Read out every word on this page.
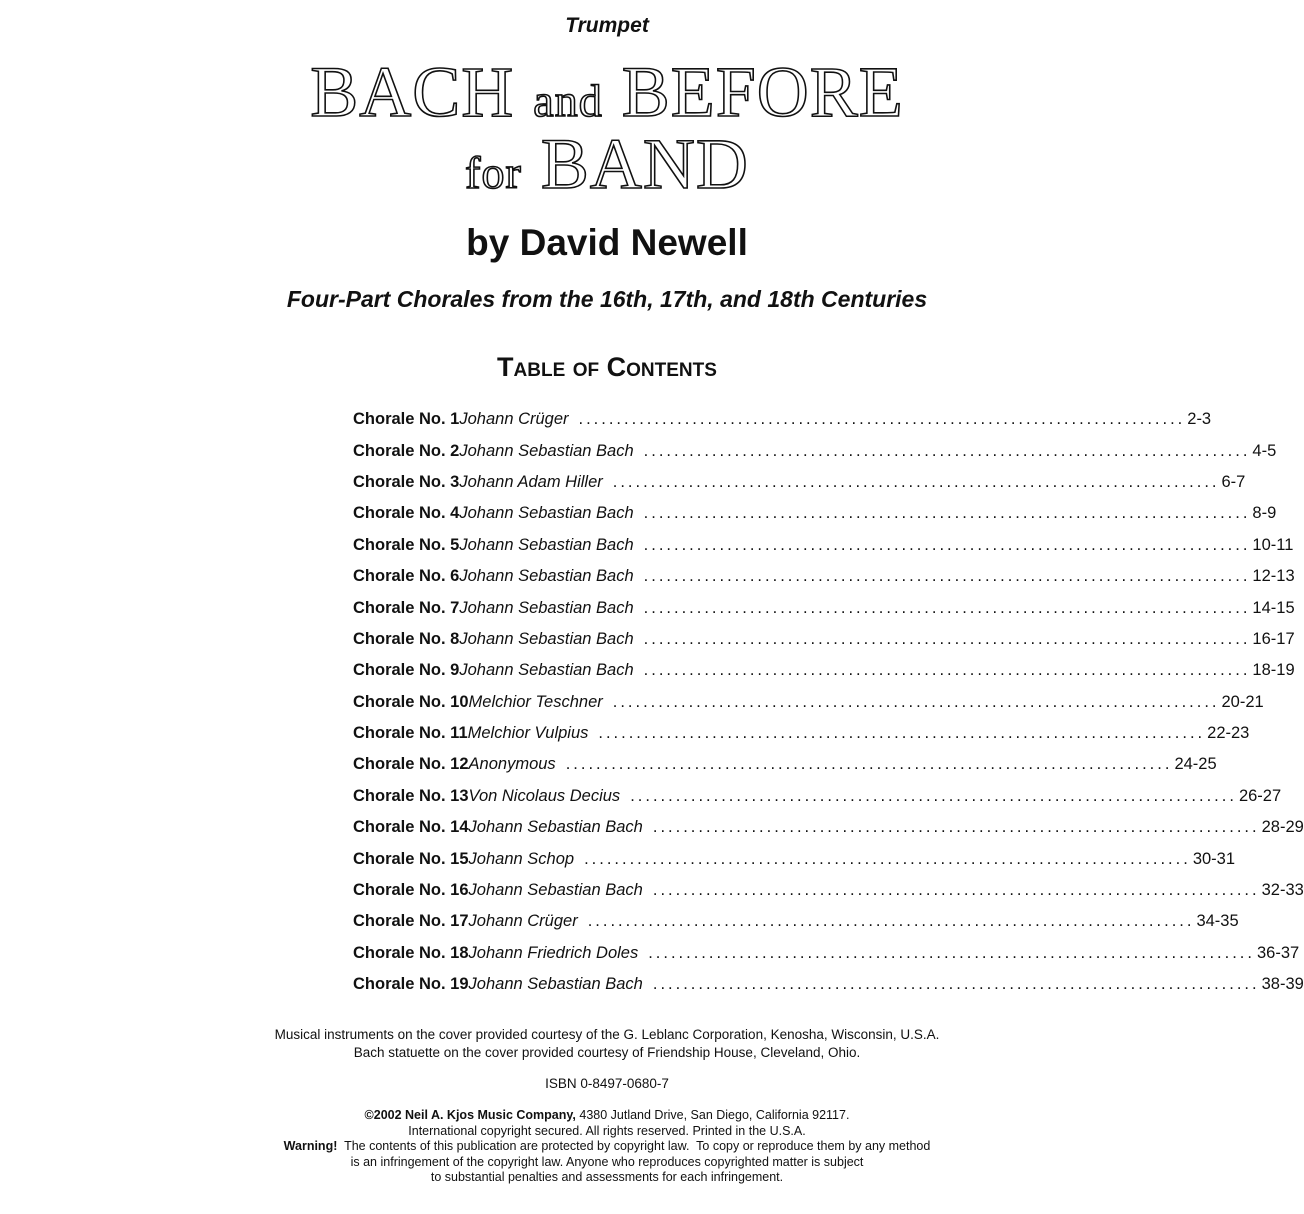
Trumpet
BACH and BEFORE
for BAND
by David Newell
Four-Part Chorales from the 16th, 17th, and 18th Centuries
Table of Contents
Chorale No. 1 Johann Crüger ................................................................................ 2-3
Chorale No. 2 Johann Sebastian Bach ................................................................................ 4-5
Chorale No. 3 Johann Adam Hiller ................................................................................ 6-7
Chorale No. 4 Johann Sebastian Bach ................................................................................ 8-9
Chorale No. 5 Johann Sebastian Bach ................................................................................ 10-11
Chorale No. 6 Johann Sebastian Bach ................................................................................ 12-13
Chorale No. 7 Johann Sebastian Bach ................................................................................ 14-15
Chorale No. 8 Johann Sebastian Bach ................................................................................ 16-17
Chorale No. 9 Johann Sebastian Bach ................................................................................ 18-19
Chorale No. 10 Melchior Teschner ................................................................................ 20-21
Chorale No. 11 Melchior Vulpius ................................................................................ 22-23
Chorale No. 12 Anonymous ................................................................................ 24-25
Chorale No. 13 Von Nicolaus Decius ................................................................................ 26-27
Chorale No. 14 Johann Sebastian Bach ................................................................................ 28-29
Chorale No. 15 Johann Schop ................................................................................ 30-31
Chorale No. 16 Johann Sebastian Bach ................................................................................ 32-33
Chorale No. 17 Johann Crüger ................................................................................ 34-35
Chorale No. 18 Johann Friedrich Doles ................................................................................ 36-37
Chorale No. 19 Johann Sebastian Bach ................................................................................ 38-39
Musical instruments on the cover provided courtesy of the G. Leblanc Corporation, Kenosha, Wisconsin, U.S.A.
Bach statuette on the cover provided courtesy of Friendship House, Cleveland, Ohio.
ISBN 0-8497-0680-7
©2002 Neil A. Kjos Music Company, 4380 Jutland Drive, San Diego, California 92117.
International copyright secured. All rights reserved. Printed in the U.S.A.
Warning!  The contents of this publication are protected by copyright law.  To copy or reproduce them by any method
is an infringement of the copyright law. Anyone who reproduces copyrighted matter is subject
to substantial penalties and assessments for each infringement.
